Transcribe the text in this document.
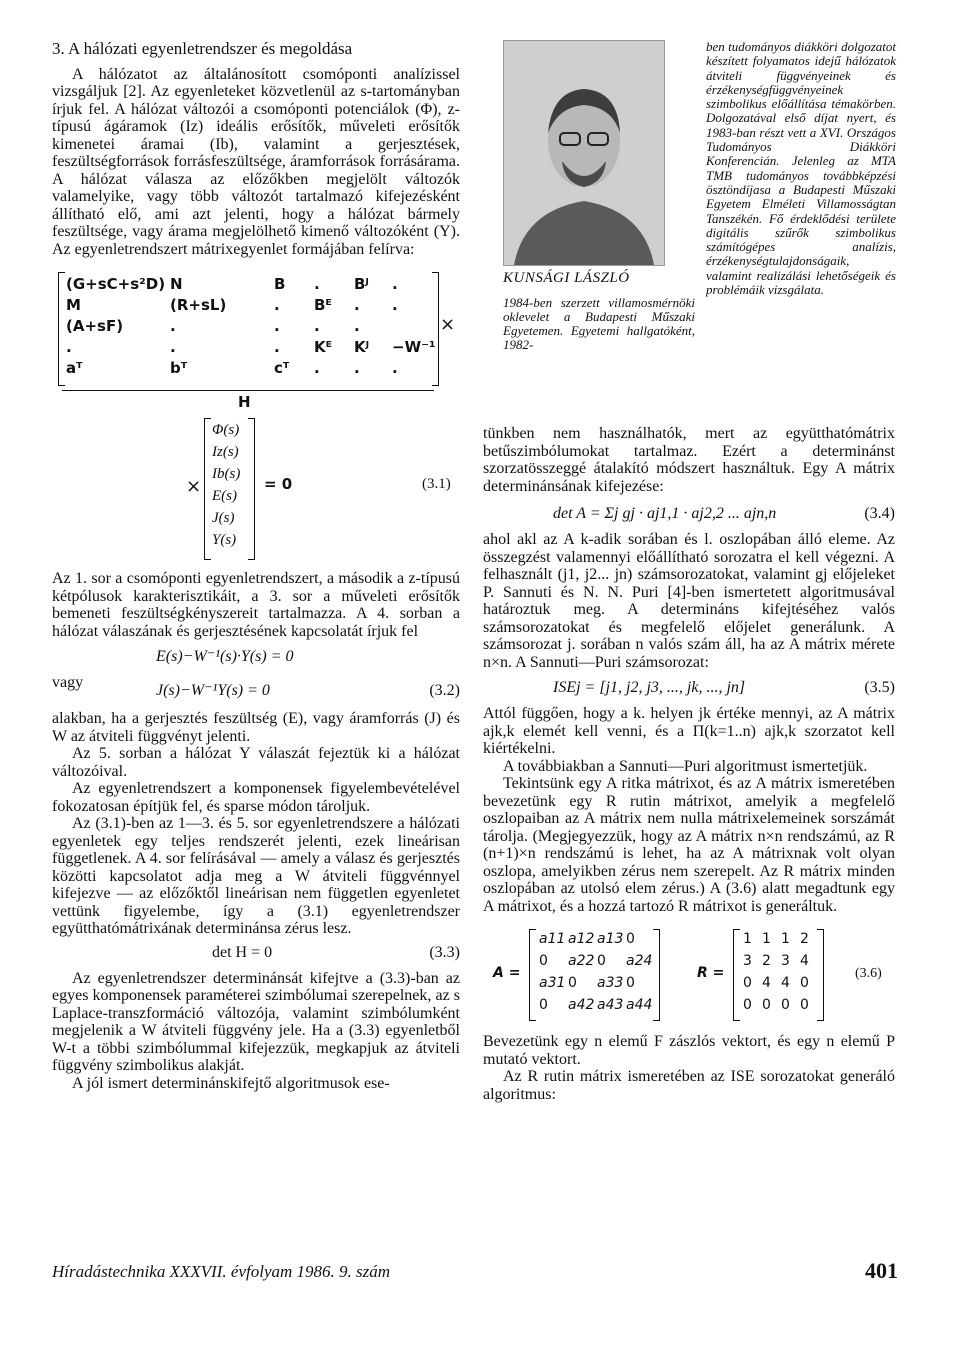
3. A hálózati egyenletrendszer és megoldása

A hálózatot az általánosított csomóponti analízissel vizsgáljuk [2]. Az egyenleteket közvetlenül az s-tartományban írjuk fel. A hálózat változói a csomóponti potenciálok (Φ), z-típusú ágáramok (Iz) ideális erősítők, műveleti erősítők kimenetei áramai (Ib), valamint a gerjesztések, feszültségforrások forrásfeszültsége, áramforrások forrásárama. A hálózat válasza az előzőkben megjelölt változók valamelyike, vagy több változót tartalmazó kifejezésként állítható elő, ami azt jelenti, hogy a hálózat bármely feszültsége, vagy árama megjelölhető kimenő változóként (Y). Az egyenletrendszert mátrixegyenlet formájában felírva:

(G+sC+s²D) N	B . Bᴶ .
M	(R+sL)	. Bᴱ . .
(A+sF)	.	. . .
.	.	. Kᴱ Kᴶ −W⁻¹
aᵀ	bᵀ	cᵀ . . .
×
H
Φ(s)
Iz(s)
Ib(s)
E(s)
J(s)
Y(s)
×	= 0	(3.1)

Az 1. sor a csomóponti egyenletrendszert, a második a z-típusú kétpólusok karakterisztikáit, a 3. sor a műveleti erősítők bemeneti feszültségkényszereit tartalmazza. A 4. sorban a hálózat válaszának és gerjesztésének kapcsolatát írjuk fel

E(s)−W⁻¹(s)·Y(s) = 0
vagy	J(s)−W⁻¹Y(s) = 0	(3.2)

alakban, ha a gerjesztés feszültség (E), vagy áramforrás (J) és W az átviteli függvényt jelenti.

Az 5. sorban a hálózat Y válaszát fejeztük ki a hálózat változóival.

Az egyenletrendszert a komponensek figyelembevételével fokozatosan építjük fel, és sparse módon tároljuk.

Az (3.1)-ben az 1—3. és 5. sor egyenletrendszere a hálózati egyenletek egy teljes rendszerét jelenti, ezek lineárisan függetlenek. A 4. sor felírásával — amely a válasz és gerjesztés közötti kapcsolatot adja meg a W átviteli függvénnyel kifejezve — az előzőktől lineárisan nem független egyenletet vettünk figyelembe, így a (3.1) egyenletrendszer együtthatómátrixának determinánsa zérus lesz.

det H = 0	(3.3)

Az egyenletrendszer determinánsát kifejtve a (3.3)-ban az egyes komponensek paraméterei szimbólumai szerepelnek, az s Laplace-transzformáció változója, valamint szimbólumként megjelenik a W átviteli függvény jele. Ha a (3.3) egyenletből W-t a többi szimbólummal kifejezzük, megkapjuk az átviteli függvény szimbolikus alakját.

A jól ismert determinánskifejtő algoritmusok ese-

KUNSÁGI LÁSZLÓ
1984-ben szerzett villamosmérnöki oklevelet a Budapesti Műszaki Egyetemen. Egyetemi hallgatóként, 1982-
ben tudományos diákköri dolgozatot készített folyamatos idejű hálózatok átviteli függvényeinek és érzékenységfüggvényeinek szimbolikus előállítása témakörben. Dolgozatával első díjat nyert, és 1983-ban részt vett a XVI. Országos Tudományos Diákköri Konferencián. Jelenleg az MTA TMB tudományos továbbképzési ösztöndíjasa a Budapesti Műszaki Egyetem Elméleti Villamosságtan Tanszékén. Fő érdeklődési területe digitális szűrők szimbolikus számítógépes analízis, érzékenységtulajdonságaik, valamint realizálási lehetőségeik és problémáik vizsgálata.

tünkben nem használhatók, mert az együtthatómátrix betűszimbólumokat tartalmaz. Ezért a determinánst szorzatösszeggé átalakító módszert használtuk. Egy A mátrix determinánsának kifejezése:

det A = Σj gj · aj1,1 · aj2,2 ... ajn,n	(3.4)

ahol akl az A k-adik sorában és l. oszlopában álló eleme. Az összegzést valamennyi előállítható sorozatra el kell végezni. A felhasznált (j1, j2... jn) számsorozatokat, valamint gj előjeleket P. Sannuti és N. N. Puri [4]-ben ismertetett algoritmusával határoztuk meg. A determináns kifejtéséhez valós számsorozatokat és megfelelő előjelet generálunk. A számsorozat j. sorában n valós szám áll, ha az A mátrix mérete n×n. A Sannuti—Puri számsorozat:

ISEj = [j1, j2, j3, ..., jk, ..., jn]	(3.5)

Attól függően, hogy a k. helyen jk értéke mennyi, az A mátrix ajk,k elemét kell venni, és a Π(k=1..n) ajk,k szorzatot kell kiértékelni.

A továbbiakban a Sannuti—Puri algoritmust ismertetjük.

Tekintsünk egy A ritka mátrixot, és az A mátrix ismeretében bevezetünk egy R rutin mátrixot, amelyik a megfelelő oszlopaiban az A mátrix nem nulla mátrixelemeinek sorszámát tárolja. (Megjegyezzük, hogy az A mátrix n×n rendszámú, az R (n+1)×n rendszámú is lehet, ha az A mátrixnak volt olyan oszlopa, amelyikben zérus nem szerepelt. Az R mátrix minden oszlopában az utolsó elem zérus.) A (3.6) alatt megadtunk egy A mátrixot, és a hozzá tartozó R mátrixot is generáltuk.

A =
a11 a12 a13 0
0 a22 0 a24
a31 0 a33 0
0 a42 a43 a44
R =
1 1 1 2
3 2 3 4
0 4 4 0
0 0 0 0
(3.6)

Bevezetünk egy n elemű F zászlós vektort, és egy n elemű P mutató vektort.

Az R rutin mátrix ismeretében az ISE sorozatokat generáló algoritmus:

Híradástechnika XXXVII. évfolyam 1986. 9. szám	401
